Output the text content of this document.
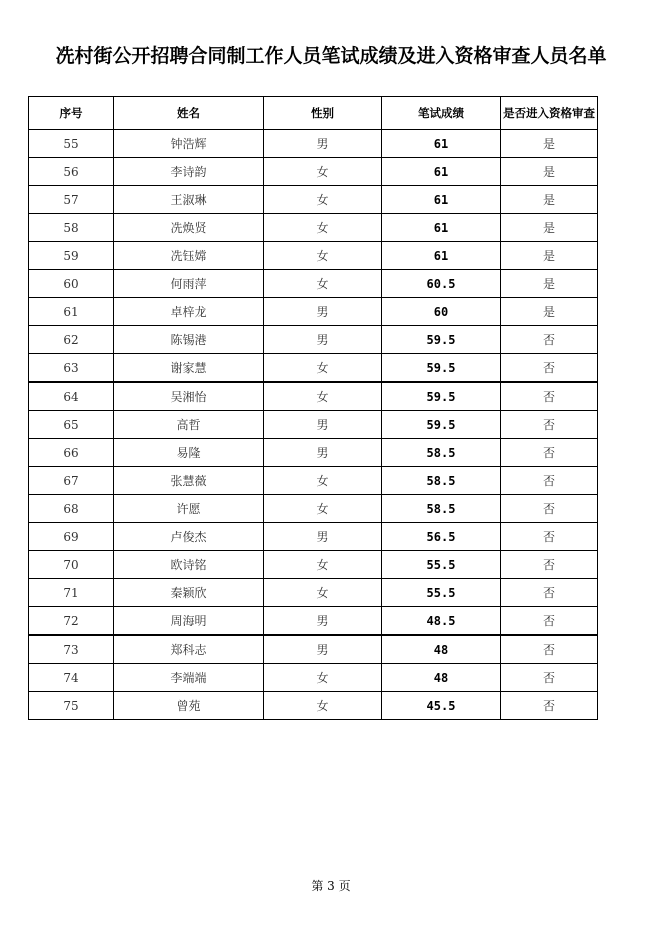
冼村街公开招聘合同制工作人员笔试成绩及进入资格审查人员名单
序号	姓名	性别	笔试成绩	是否进入资格审查
55	钟浩辉	男	61	是
56	李诗韵	女	61	是
57	王淑琳	女	61	是
58	冼焕贤	女	61	是
59	冼钰嫦	女	61	是
60	何雨萍	女	60.5	是
61	卓梓龙	男	60	是
62	陈锡港	男	59.5	否
63	谢家慧	女	59.5	否
64	吴湘怡	女	59.5	否
65	高哲	男	59.5	否
66	易隆	男	58.5	否
67	张慧薇	女	58.5	否
68	许愿	女	58.5	否
69	卢俊杰	男	56.5	否
70	欧诗铭	女	55.5	否
71	秦颖欣	女	55.5	否
72	周海明	男	48.5	否
73	郑科志	男	48	否
74	李端端	女	48	否
75	曾苑	女	45.5	否
第 3 页
